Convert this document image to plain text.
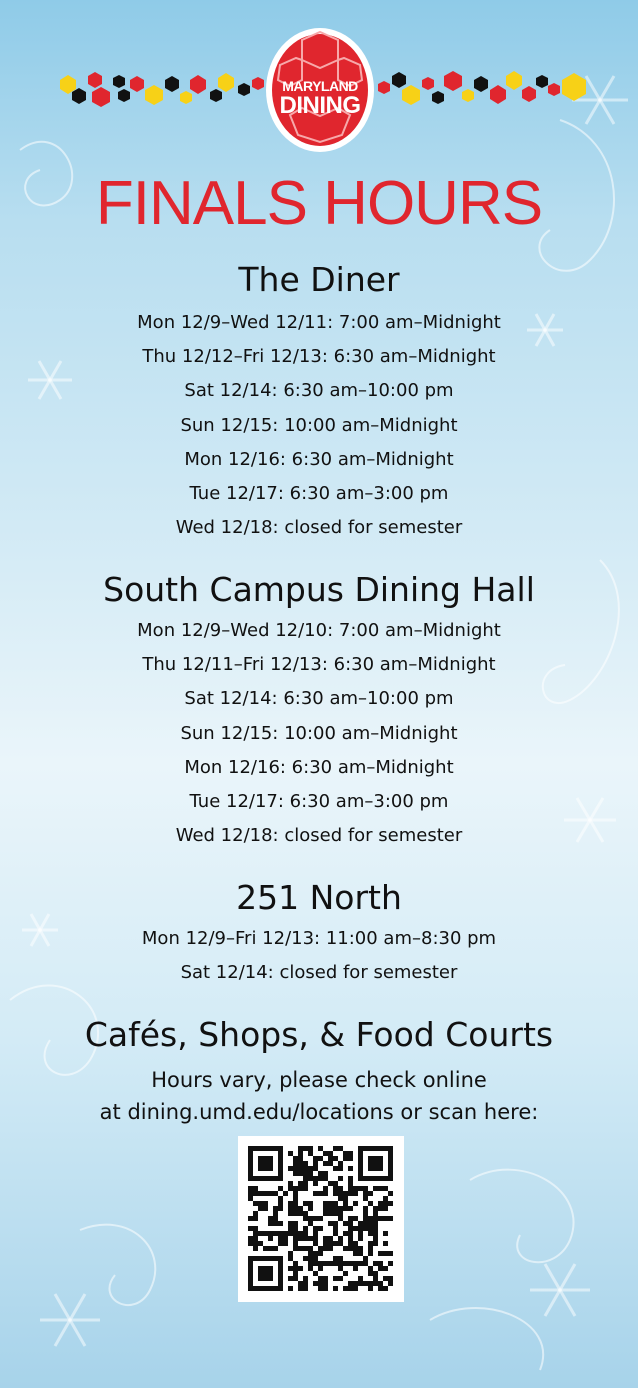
MARYLAND
DINING
FINALS HOURS
The Diner
Mon 12/9–Wed 12/11: 7:00 am–Midnight
Thu 12/12–Fri 12/13: 6:30 am–Midnight
Sat 12/14: 6:30 am–10:00 pm
Sun 12/15: 10:00 am–Midnight
Mon 12/16: 6:30 am–Midnight
Tue 12/17: 6:30 am–3:00 pm
Wed 12/18: closed for semester
South Campus Dining Hall
Mon 12/9–Wed 12/10: 7:00 am–Midnight
Thu 12/11–Fri 12/13: 6:30 am–Midnight
Sat 12/14: 6:30 am–10:00 pm
Sun 12/15: 10:00 am–Midnight
Mon 12/16: 6:30 am–Midnight
Tue 12/17: 6:30 am–3:00 pm
Wed 12/18: closed for semester
251 North
Mon 12/9–Fri 12/13: 11:00 am–8:30 pm
Sat 12/14: closed for semester
Cafés, Shops, & Food Courts
Hours vary, please check online
at dining.umd.edu/locations or scan here:
